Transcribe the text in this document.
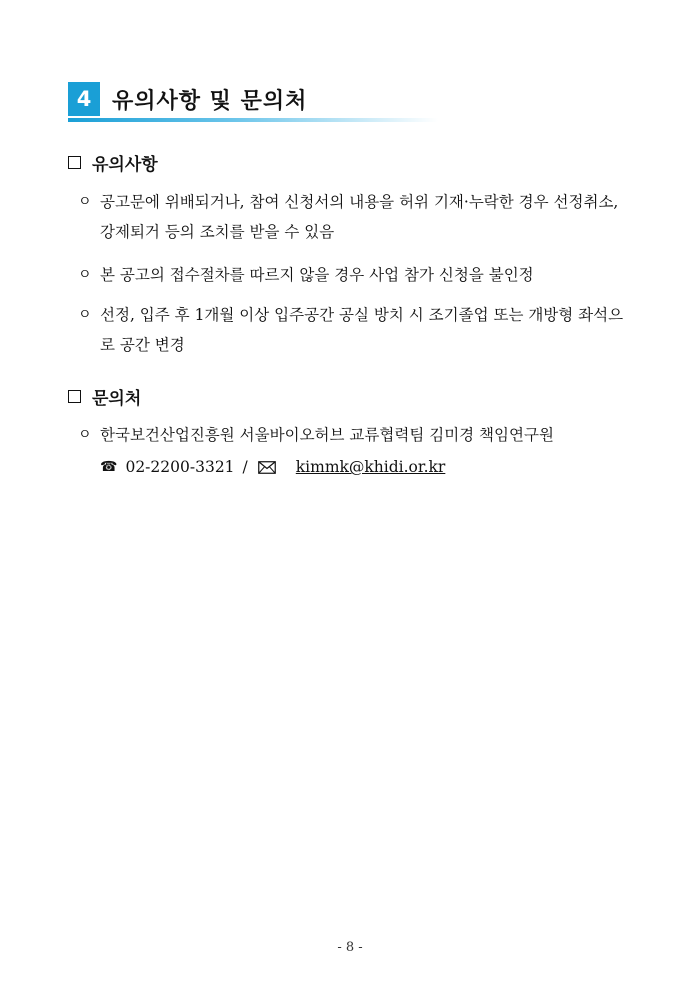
4 유의사항 및 문의처
유의사항
ㅇ 공고문에 위배되거나, 참여 신청서의 내용을 허위 기재·누락한 경우 선정취소, 강제퇴거 등의 조치를 받을 수 있음
ㅇ 본 공고의 접수절차를 따르지 않을 경우 사업 참가 신청을 불인정
ㅇ 선정, 입주 후 1개월 이상 입주공간 공실 방치 시 조기졸업 또는 개방형 좌석으로 공간 변경
문의처
ㅇ 한국보건산업진흥원 서울바이오허브 교류협력팀 김미경 책임연구원
☎ 02-2200-3321 /	kimmk@khidi.or.kr
- 8 -
